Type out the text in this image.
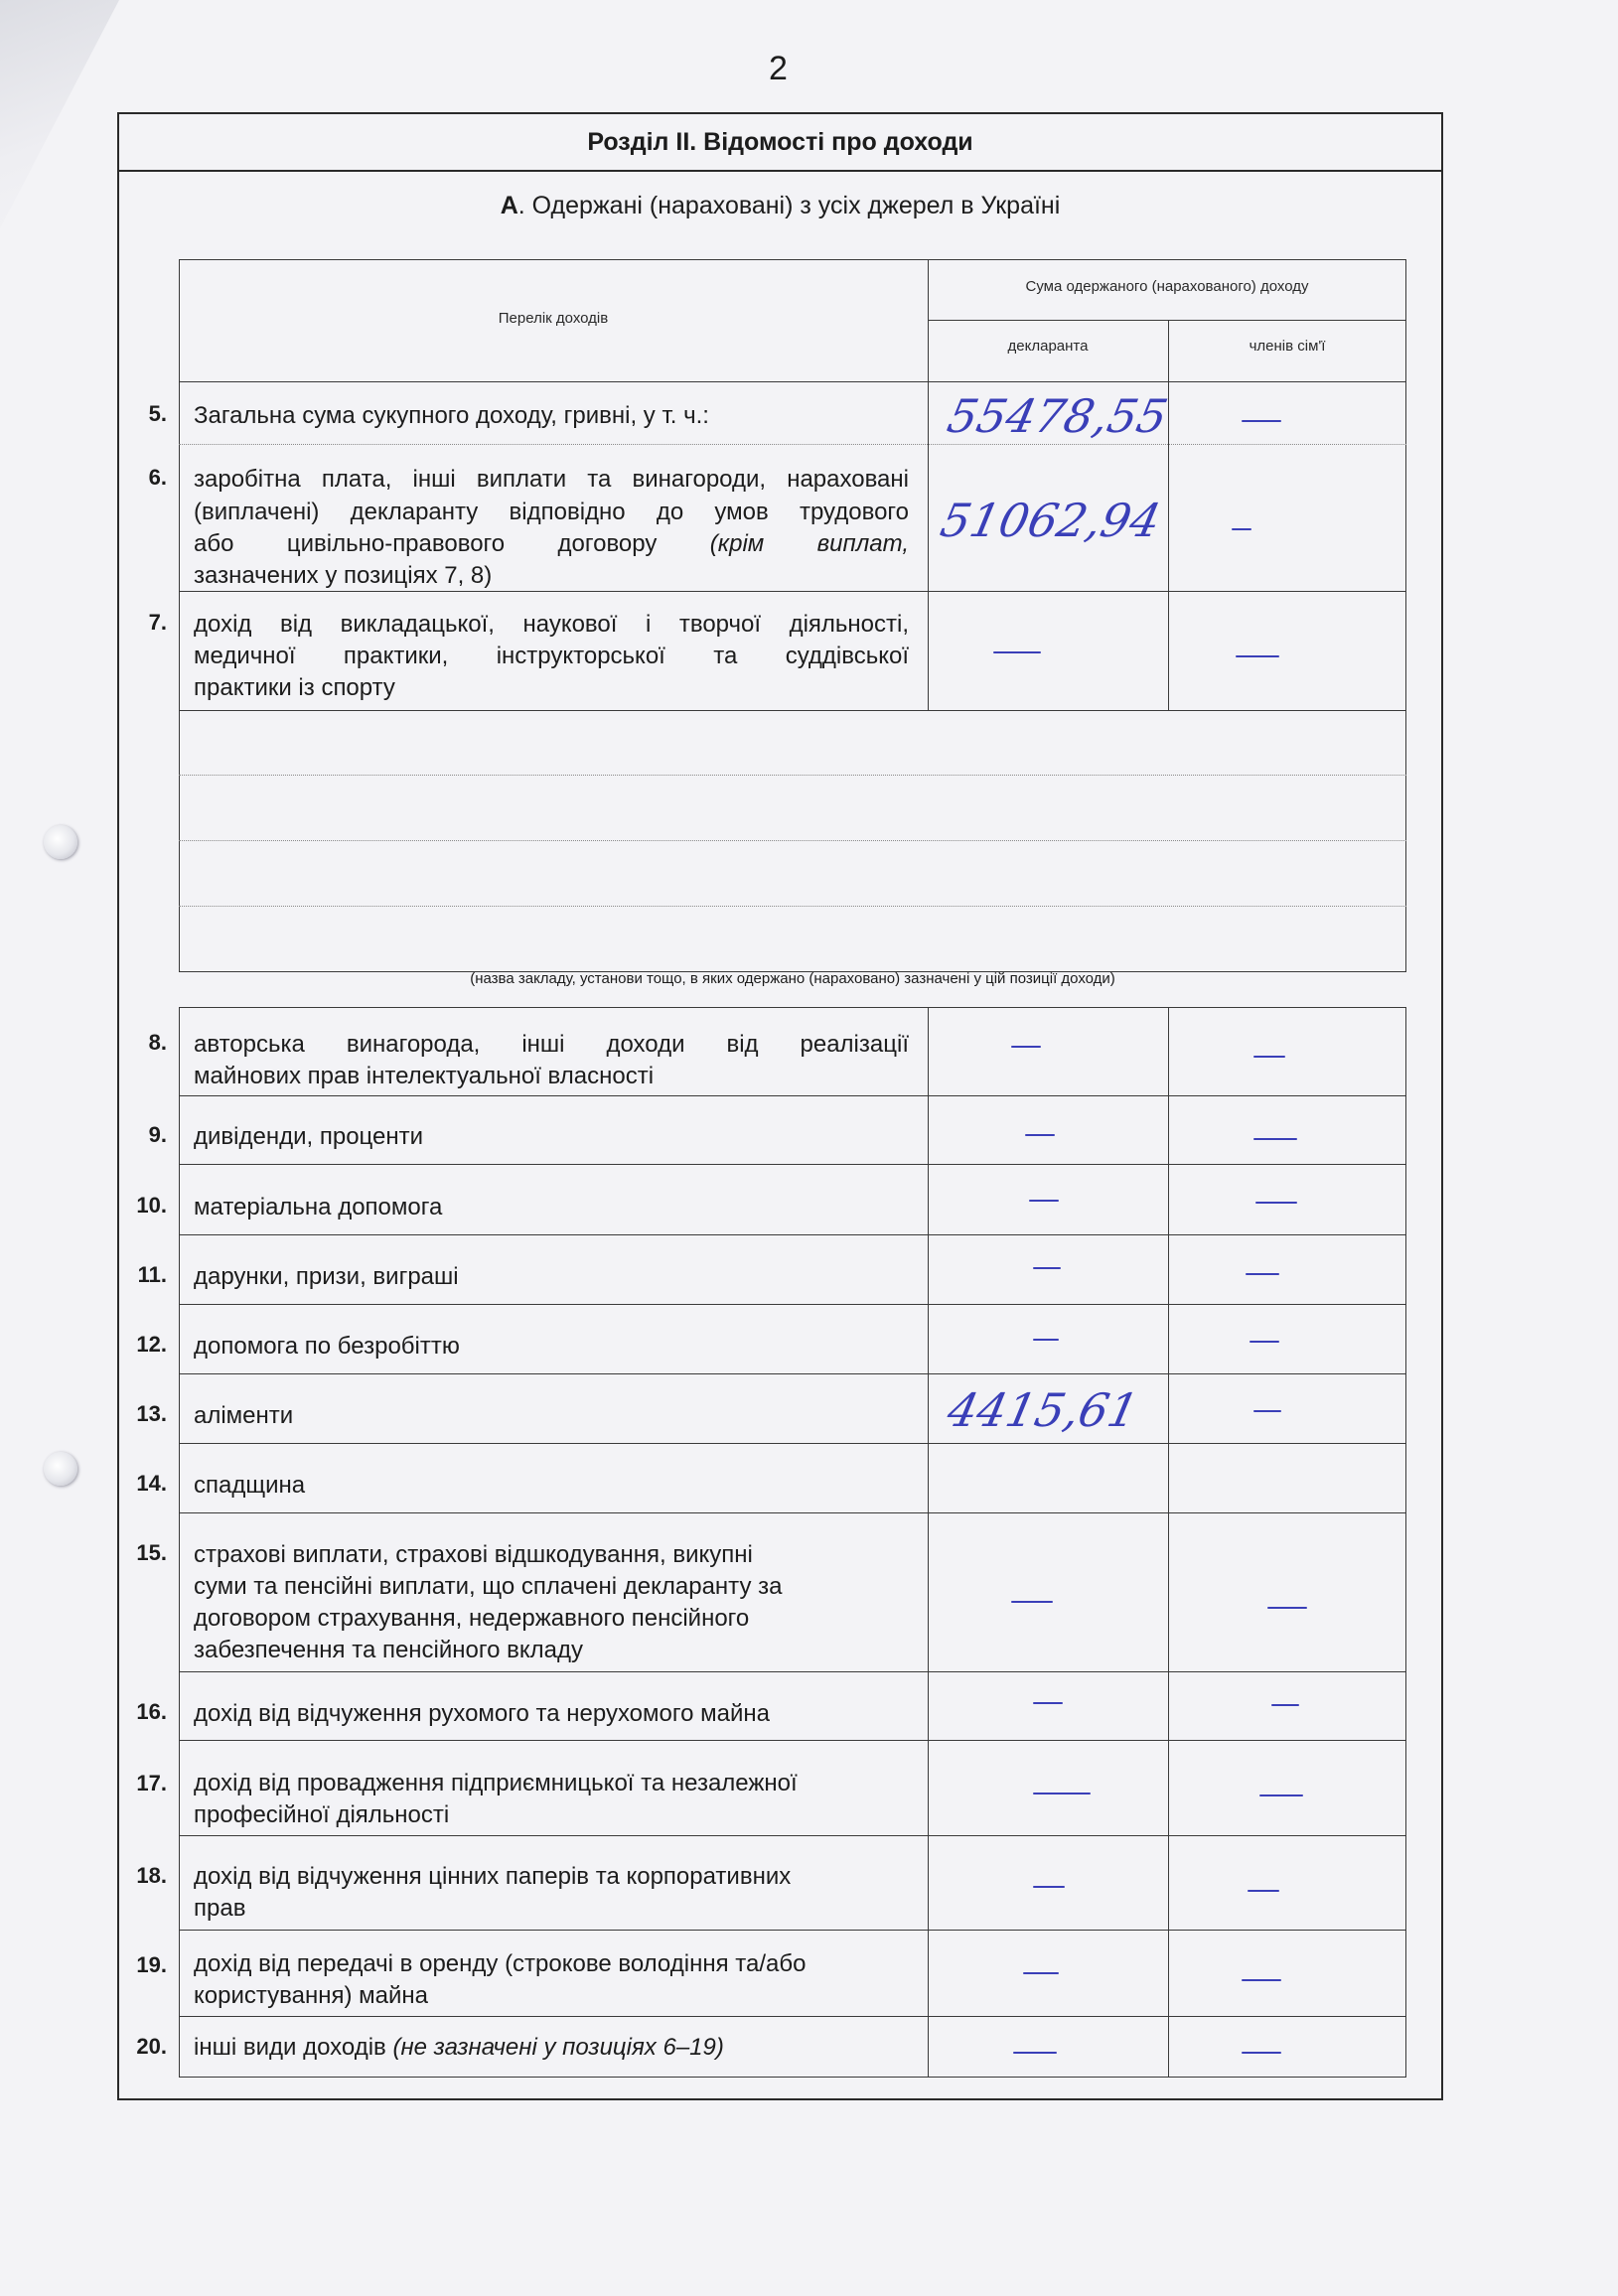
2
Розділ ІІ. Відомості про доходи
А. Одержані (нараховані) з усіх джерел в Україні
Перелік доходів
Сума одержаного (нарахованого) доходу
декларанта	членів сім'ї
5. Загальна сума сукупного доходу, гривні, у т. ч.:	55478,55
6. заробітна плата, інші виплати та винагороди, нараховані
(виплачені) декларанту відповідно до умов трудового
або цивільно-правового договору (крім виплат,
зазначених у позиціях 7, 8)
51062,94
7. дохід від викладацької, наукової і творчої діяльності,
медичної практики, інструкторської та суддівської
практики із спорту
(назва закладу, установи тощо, в яких одержано (нараховано) зазначені у цій позиції доходи)
8. авторська винагорода, інші доходи від реалізації
майнових прав інтелектуальної власності
9. дивіденди, проценти
10. матеріальна допомога
11. дарунки, призи, виграші
12. допомога по безробіттю
13. аліменти	4415,61
14. спадщина
15. страхові виплати, страхові відшкодування, викупні
суми та пенсійні виплати, що сплачені декларанту за
договором страхування, недержавного пенсійного
забезпечення та пенсійного вкладу
16. дохід від відчуження рухомого та нерухомого майна
17. дохід від провадження підприємницької та незалежної
професійної діяльності
18. дохід від відчуження цінних паперів та корпоративних
прав
19. дохід від передачі в оренду (строкове володіння та/або
користування) майна
20. інші види доходів (не зазначені у позиціях 6–19)
